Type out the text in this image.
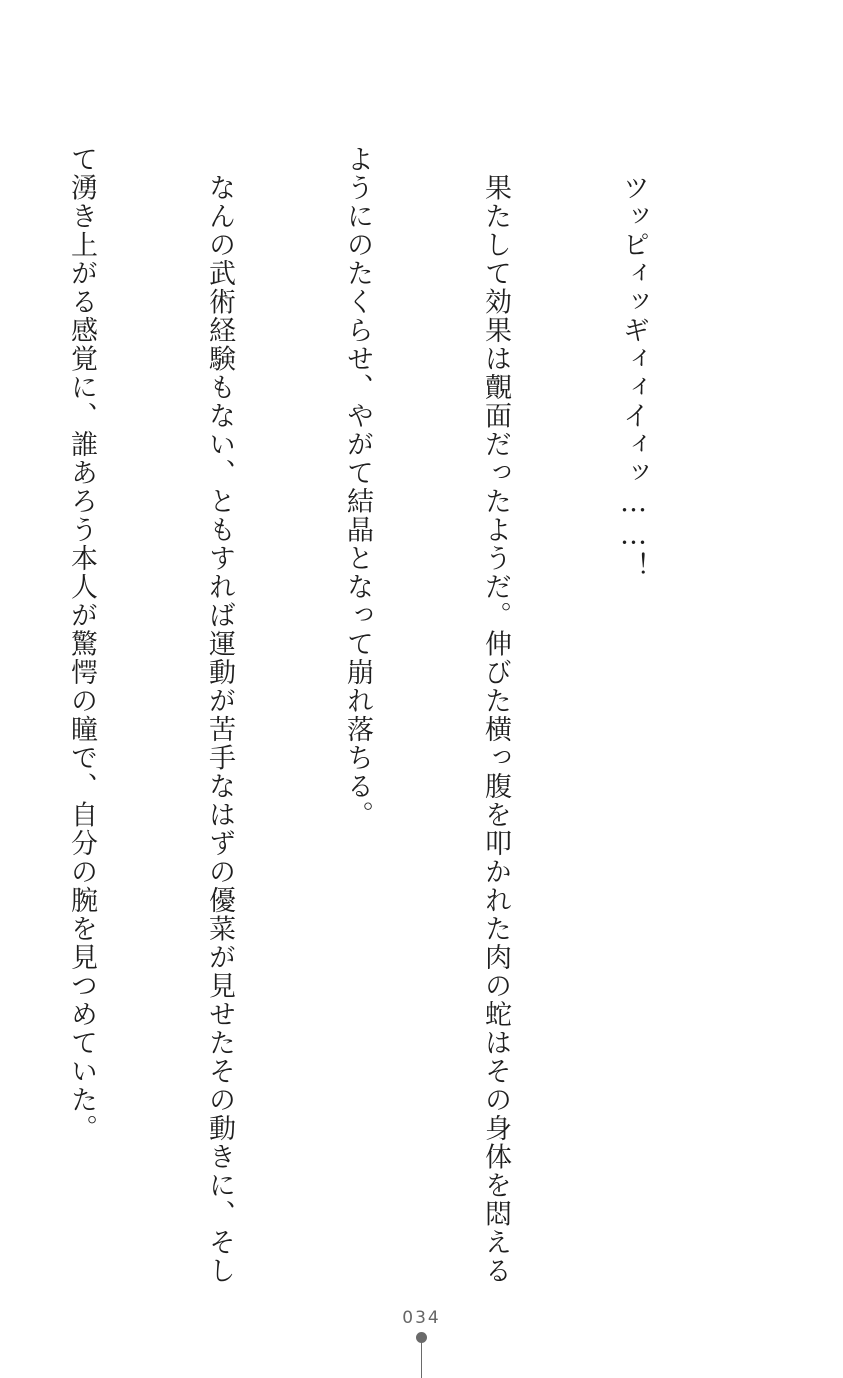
　ツッピィッギィィイィッ……！

　果たして効果は覿面だったようだ。伸びた横っ腹を叩かれた肉の蛇はその身体を悶える

ようにのたくらせ、やがて結晶となって崩れ落ちる。

　なんの武術経験もない、ともすれば運動が苦手なはずの優菜が見せたその動きに、そし

て湧き上がる感覚に、誰あろう本人が驚愕の瞳で、自分の腕を見つめていた。

034
